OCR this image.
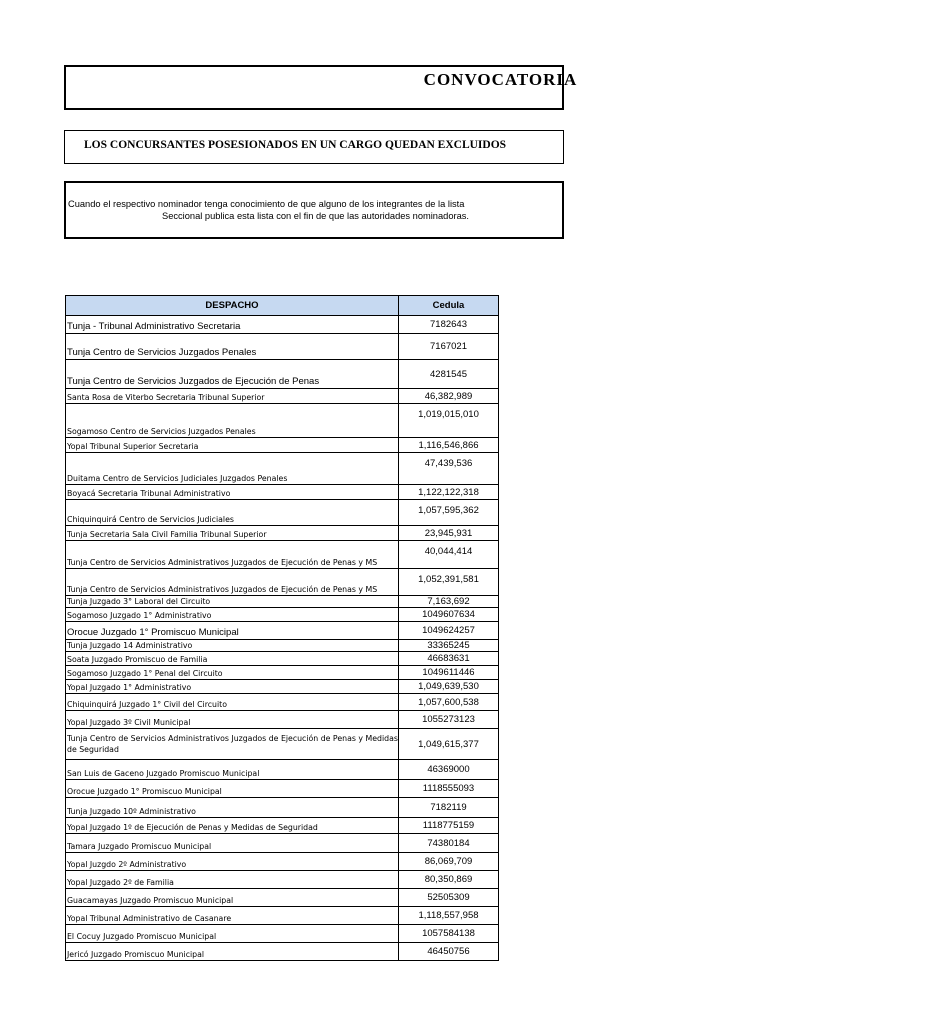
CONVOCATORIA
LOS CONCURSANTES POSESIONADOS EN UN CARGO QUEDAN EXCLUIDOS
Cuando el respectivo nominador tenga conocimiento de que alguno de los integrantes de la lista
Seccional publica esta lista con el fin de que las autoridades nominadoras.
DESPACHO	Cedula
Tunja - Tribunal Administrativo Secretaria	7182643
Tunja Centro de Servicios Juzgados Penales	7167021
Tunja Centro de Servicios Juzgados de Ejecución de Penas	4281545
Santa Rosa de Viterbo Secretaria Tribunal Superior	46,382,989
Sogamoso Centro de Servicios Juzgados Penales	1,019,015,010
Yopal Tribunal Superior Secretaria	1,116,546,866
Duitama Centro de Servicios Judiciales Juzgados Penales	47,439,536
Boyacá Secretaria Tribunal Administrativo	1,122,122,318
Chiquinquirá Centro de Servicios Judiciales	1,057,595,362
Tunja Secretaria Sala Civil Familia Tribunal Superior	23,945,931
Tunja Centro de Servicios Administrativos Juzgados de Ejecución de Penas y MS	40,044,414
Tunja Centro de Servicios Administrativos Juzgados de Ejecución de Penas y MS	1,052,391,581
Tunja Juzgado 3° Laboral del Circuito	7,163,692
Sogamoso Juzgado 1° Administrativo	1049607634
Orocue Juzgado 1° Promiscuo Municipal	1049624257
Tunja Juzgado 14 Administrativo	33365245
Soata Juzgado Promiscuo de Familia	46683631
Sogamoso Juzgado 1° Penal del Circuito	1049611446
Yopal Juzgado 1° Administrativo	1,049,639,530
Chiquinquirá Juzgado 1° Civil del Circuito	1,057,600,538
Yopal Juzgado 3º Civil Municipal	1055273123
Tunja Centro de Servicios Administrativos Juzgados de Ejecución de Penas y Medidas de Seguridad	1,049,615,377
San Luis de Gaceno Juzgado Promiscuo Municipal	46369000
Orocue Juzgado 1° Promiscuo Municipal	1118555093
Tunja Juzgado 10º Administrativo	7182119
Yopal Juzgado 1º de Ejecución de Penas y Medidas de Seguridad	1118775159
Tamara Juzgado Promiscuo Municipal	74380184
Yopal Juzgdo 2º Administrativo	86,069,709
Yopal Juzgado 2º de Familia	80,350,869
Guacamayas Juzgado Promiscuo Municipal	52505309
Yopal Tribunal Administrativo de Casanare	1,118,557,958
El Cocuy Juzgado Promiscuo Municipal	1057584138
Jericó Juzgado Promiscuo Municipal	46450756
